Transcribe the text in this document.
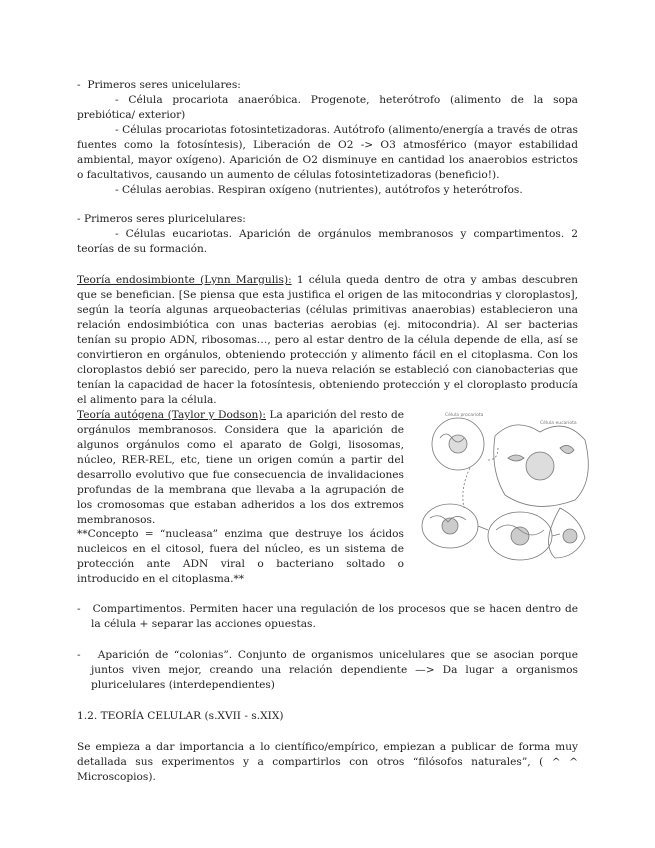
- Primeros seres unicelulares:

- Célula procariota anaeróbica. Progenote, heterótrofo (alimento de la sopa prebiótica/ exterior)

- Células procariotas fotosintetizadoras. Autótrofo (alimento/energía a través de otras fuentes como la fotosíntesis), Liberación de O2 -> O3 atmosférico (mayor estabilidad ambiental, mayor oxígeno). Aparición de O2 disminuye en cantidad los anaerobios estrictos o facultativos, causando un aumento de células fotosintetizadoras (beneficio!).

- Células aerobias. Respiran oxígeno (nutrientes), autótrofos y heterótrofos.

- Primeros seres pluricelulares:

- Células eucariotas. Aparición de orgánulos membranosos y compartimentos. 2 teorías de su formación.

Teoría endosimbionte (Lynn Margulis): 1 célula queda dentro de otra y ambas descubren que se benefician. [Se piensa que esta justifica el origen de las mitocondrias y cloroplastos], según la teoría algunas arqueobacterias (células primitivas anaerobias) establecieron una relación endosimbiótica con unas bacterias aerobias (ej. mitocondria). Al ser bacterias tenían su propio ADN, ribosomas…, pero al estar dentro de la célula depende de ella, así se convirtieron en orgánulos, obteniendo protección y alimento fácil en el citoplasma. Con los cloroplastos debió ser parecido, pero la nueva relación se estableció con cianobacterias que tenían la capacidad de hacer la fotosíntesis, obteniendo protección y el cloroplasto producía el alimento para la célula.

Teoría autógena (Taylor y Dodson): La aparición del resto de orgánulos membranosos. Considera que la aparición de algunos orgánulos como el aparato de Golgi, lisosomas, núcleo, RER-REL, etc, tiene un origen común a partir del desarrollo evolutivo que fue consecuencia de invalidaciones profundas de la membrana que llevaba a la agrupación de los cromosomas que estaban adheridos a los dos extremos membranosos.

**Concepto = “nucleasa” enzima que destruye los ácidos nucleicos en el citosol, fuera del núcleo, es un sistema de protección ante ADN viral o bacteriano soltado o introducido en el citoplasma.**

Célula procariota
Célula eucariota

- Compartimentos. Permiten hacer una regulación de los procesos que se hacen dentro de la célula + separar las acciones opuestas.

- Aparición de “colonias”. Conjunto de organismos unicelulares que se asocian porque juntos viven mejor, creando una relación dependiente —> Da lugar a organismos pluricelulares (interdependientes)

1.2. TEORÍA CELULAR (s.XVII - s.XIX)

Se empieza a dar importancia a lo científico/empírico, empiezan a publicar de forma muy detallada sus experimentos y a compartirlos con otros “filósofos naturales”, ( ^ ^ Microscopios).
